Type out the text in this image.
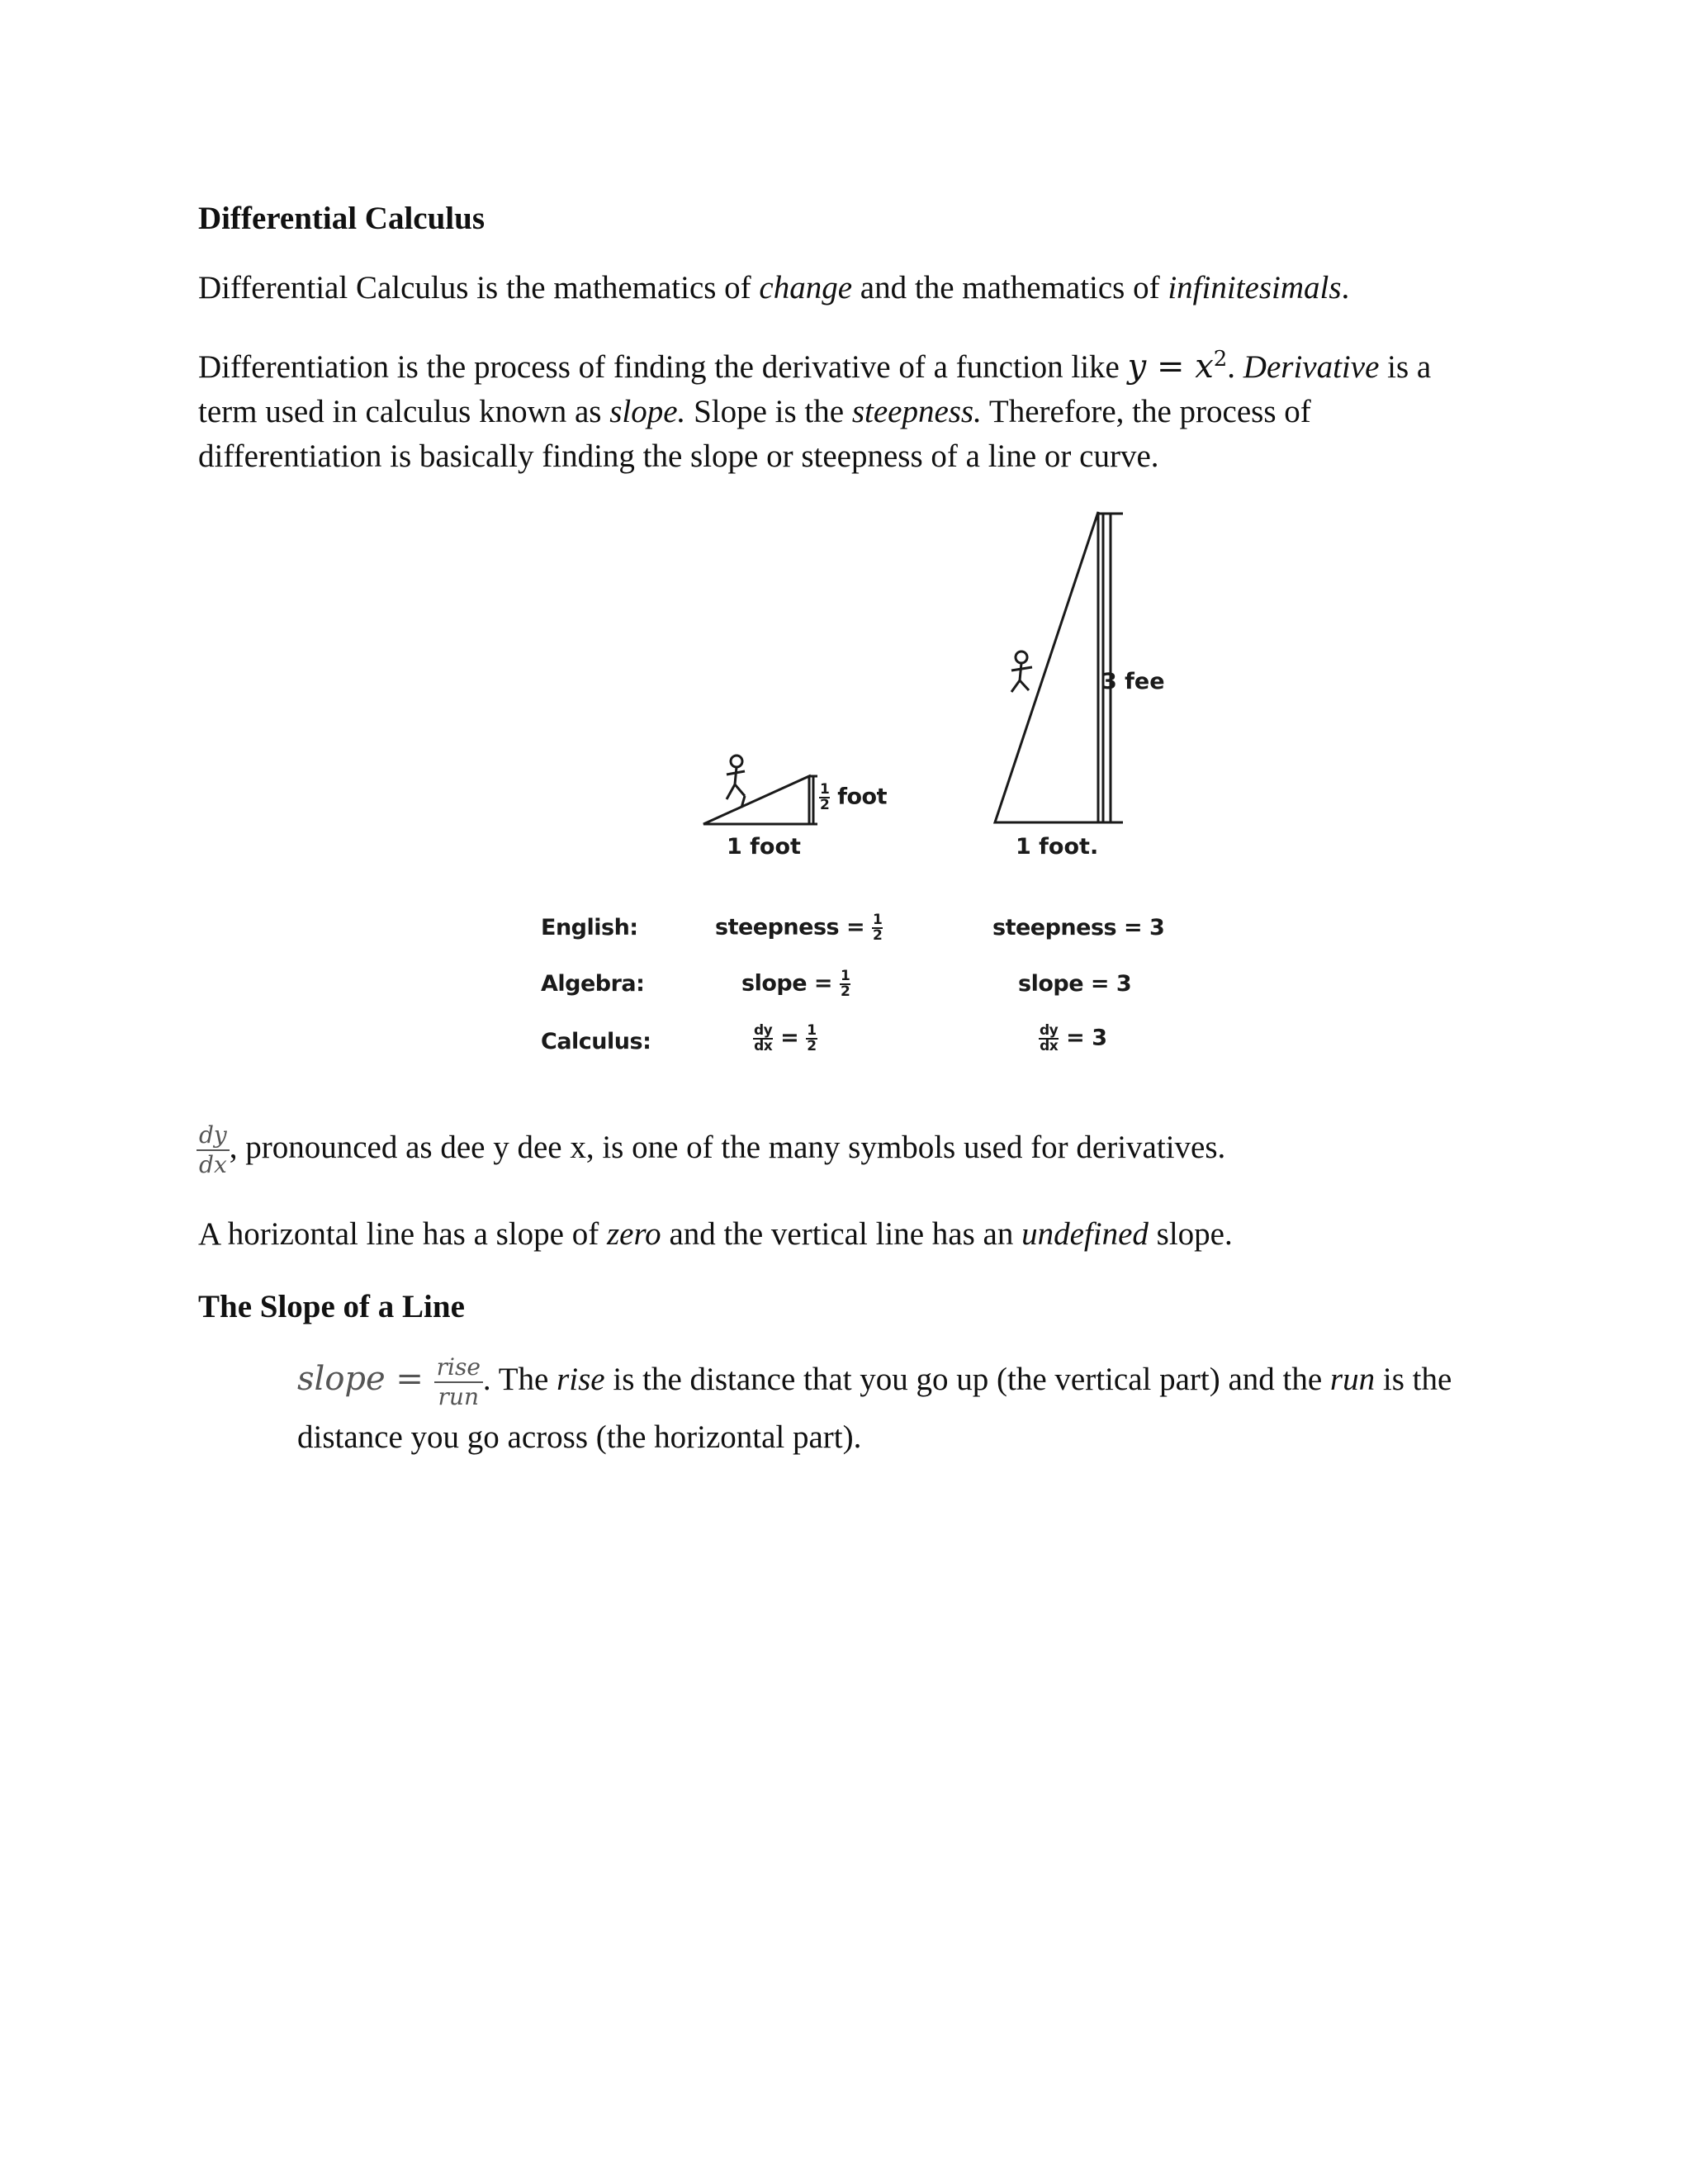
Differential Calculus
Differential Calculus is the mathematics of change and the mathematics of infinitesimals.
Differentiation is the process of finding the derivative of a function like $y = x^2$. Derivative is a term used in calculus known as slope. Slope is the steepness. Therefore, the process of differentiation is basically finding the slope or steepness of a line or curve.
1 foot
3 fee
1 foot.
$\frac{1}{2}$ foot
English:	steepness = $\frac{1}{2}$	steepness = 3
Algebra:	slope = $\frac{1}{2}$	slope = 3
Calculus:	$\frac{dy}{dx} = \frac{1}{2}$	$\frac{dy}{dx} = 3$
$\frac{dy}{dx}$ , pronounced as dee y dee x, is one of the many symbols used for derivatives.
A horizontal line has a slope of zero and the vertical line has an undefined slope.
The Slope of a Line
slope = $\frac{\text{rise}}{\text{run}}$ . The rise is the distance that you go up (the vertical part) and the run is the distance you go across (the horizontal part).
